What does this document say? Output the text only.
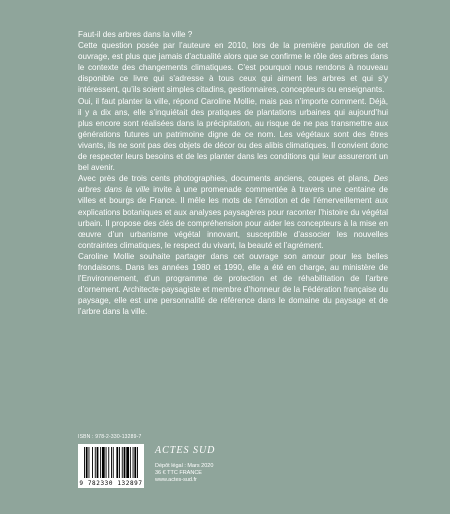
Faut-il des arbres dans la ville ?

Cette question posée par l’auteure en 2010, lors de la première parution de cet ouvrage, est plus que jamais d’actualité alors que se confirme le rôle des arbres dans le contexte des changements climatiques. C’est pourquoi nous rendons à nouveau disponible ce livre qui s’adresse à tous ceux qui aiment les arbres et qui s’y intéressent, qu’ils soient simples citadins, gestionnaires, concepteurs ou enseignants.

Oui, il faut planter la ville, répond Caroline Mollie, mais pas n’importe comment. Déjà, il y a dix ans, elle s’inquiétait des pratiques de plantations urbaines qui aujourd’hui plus encore sont réalisées dans la précipitation, au risque de ne pas transmettre aux générations futures un patrimoine digne de ce nom. Les végétaux sont des êtres vivants, ils ne sont pas des objets de décor ou des alibis climatiques. Il convient donc de respecter leurs besoins et de les planter dans les conditions qui leur assureront un bel avenir.

Avec près de trois cents photographies, documents anciens, coupes et plans, Des arbres dans la ville invite à une promenade commentée à travers une centaine de villes et bourgs de France. Il mêle les mots de l’émotion et de l’émerveillement aux explications botaniques et aux analyses paysagères pour raconter l’histoire du végétal urbain. Il propose des clés de compréhension pour aider les concepteurs à la mise en œuvre d’un urbanisme végétal innovant, susceptible d’associer les nouvelles contraintes climatiques, le respect du vivant, la beauté et l’agrément.

Caroline Mollie souhaite partager dans cet ouvrage son amour pour les belles frondaisons. Dans les années 1980 et 1990, elle a été en charge, au ministère de l’Environnement, d’un programme de protection et de réhabilitation de l’arbre d’ornement. Architecte-paysagiste et membre d’honneur de la Fédération française du paysage, elle est une personnalité de référence dans le domaine du paysage et de l’arbre dans la ville.

ISBN : 978-2-330-13289-7
9 782330 132897
ACTES SUD
Dépôt légal : Mars 2020
36 € TTC FRANCE
www.actes-sud.fr
